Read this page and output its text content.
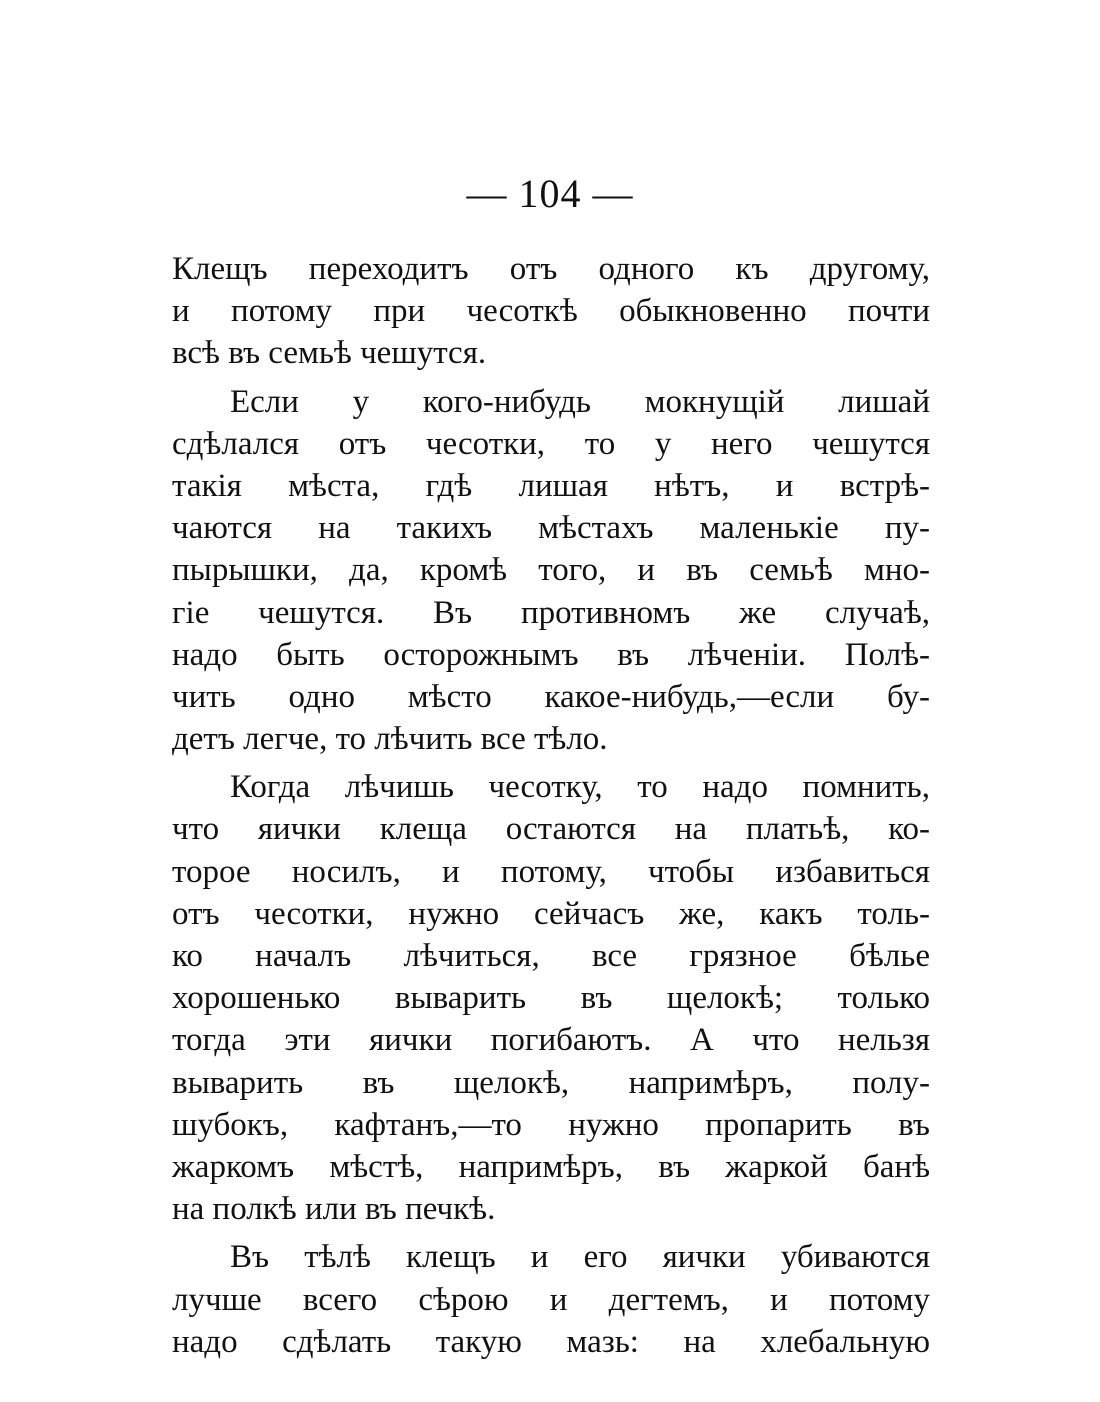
— 104 —
Клещъ переходитъ отъ одного къ другому,
и потому при чесоткѣ обыкновенно почти
всѣ въ семьѣ чешутся.
Если у кого-нибудь мокнущій лишай
сдѣлался отъ чесотки, то у него чешутся
такія мѣста, гдѣ лишая нѣтъ, и встрѣ-
чаются на такихъ мѣстахъ маленькіе пу-
пырышки, да, кромѣ того, и въ семьѣ мно-
гіе чешутся. Въ противномъ же случаѣ,
надо быть осторожнымъ въ лѣченіи. Полѣ-
чить одно мѣсто какое-нибудь,—если бу-
детъ легче, то лѣчить все тѣло.
Когда лѣчишь чесотку, то надо помнить,
что яички клеща остаются на платьѣ, ко-
торое носилъ, и потому, чтобы избавиться
отъ чесотки, нужно сейчасъ же, какъ толь-
ко началъ лѣчиться, все грязное бѣлье
хорошенько выварить въ щелокѣ; только
тогда эти яички погибаютъ. А что нельзя
выварить въ щелокѣ, напримѣръ, полу-
шубокъ, кафтанъ,—то нужно пропарить въ
жаркомъ мѣстѣ, напримѣръ, въ жаркой банѣ
на полкѣ или въ печкѣ.
Въ тѣлѣ клещъ и его яички убиваются
лучше всего сѣрою и дегтемъ, и потому
надо сдѣлать такую мазь: на хлебальную
